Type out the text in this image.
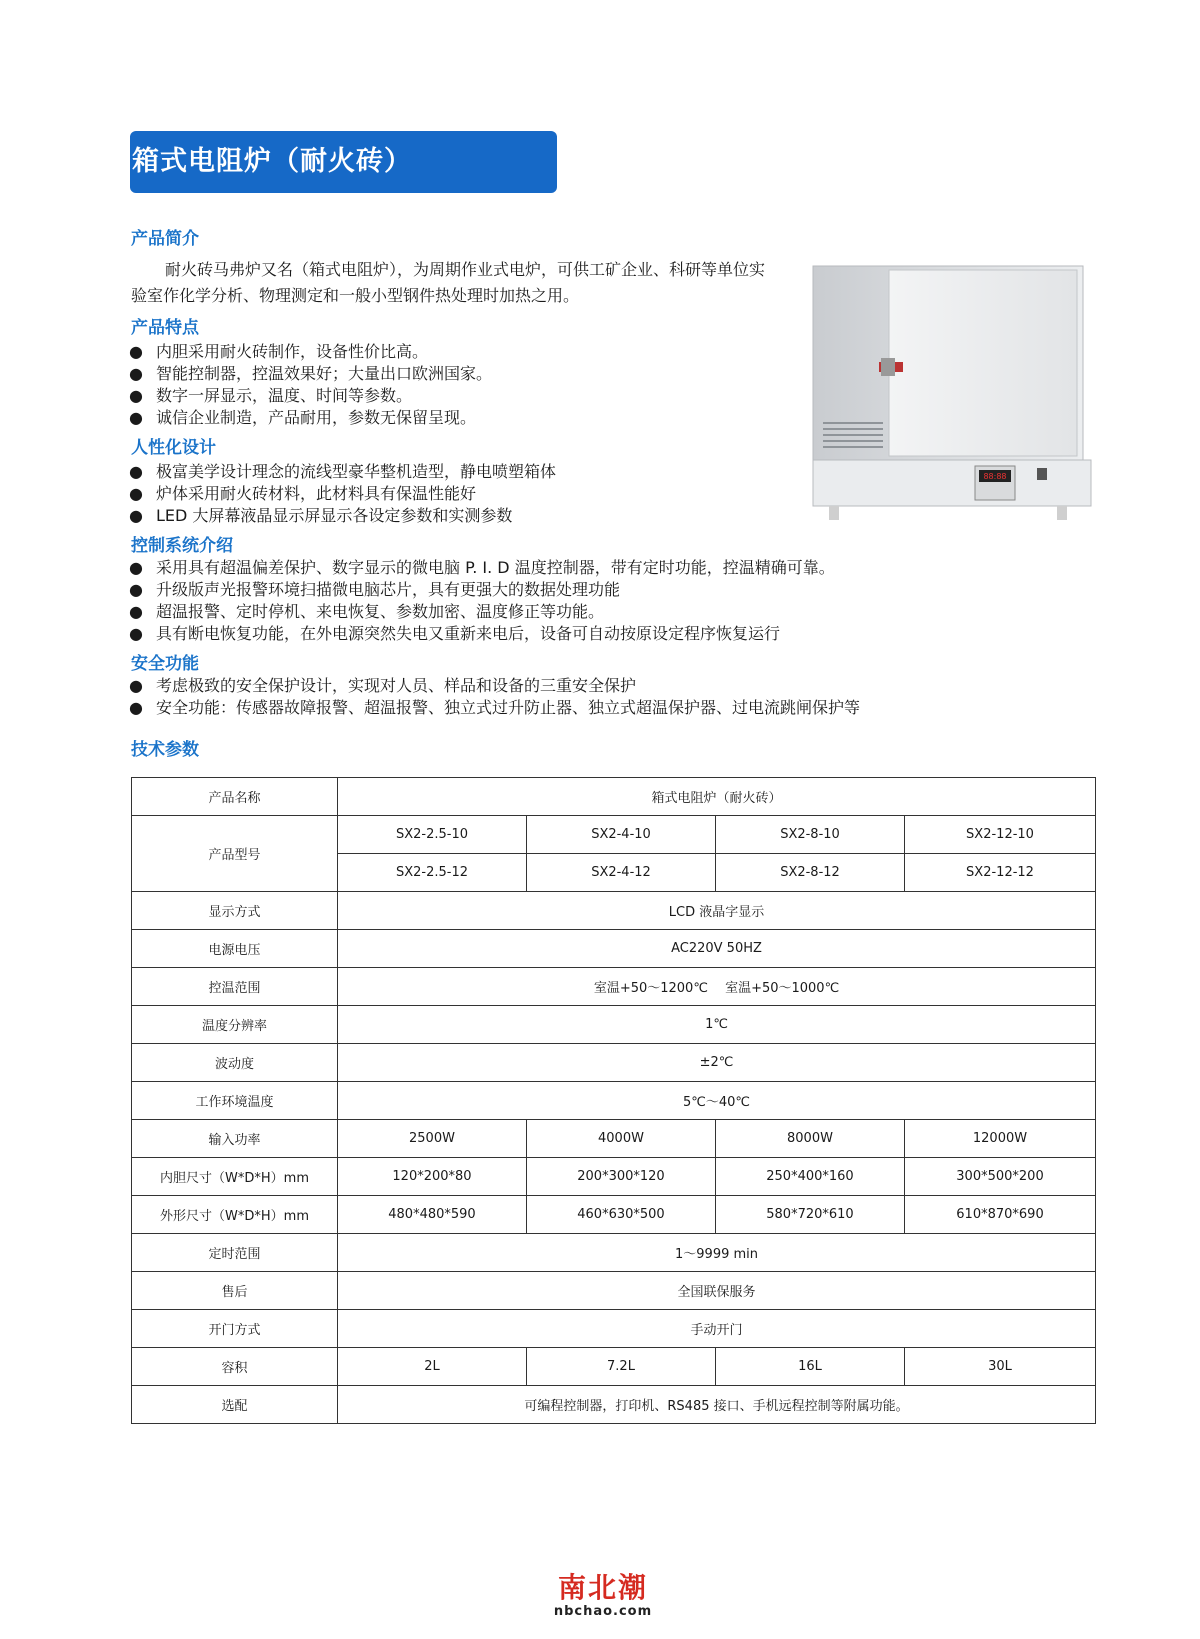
箱式电阻炉（耐火砖）
产品简介
耐火砖马弗炉又名（箱式电阻炉），为周期作业式电炉，可供工矿企业、科研等单位实验室作化学分析、物理测定和一般小型钢件热处理时加热之用。
产品特点
● 内胆采用耐火砖制作，设备性价比高。
● 智能控制器，控温效果好；大量出口欧洲国家。
● 数字一屏显示，温度、时间等参数。
● 诚信企业制造，产品耐用，参数无保留呈现。
人性化设计
● 极富美学设计理念的流线型豪华整机造型，静电喷塑箱体
● 炉体采用耐火砖材料，此材料具有保温性能好
● LED 大屏幕液晶显示屏显示各设定参数和实测参数
控制系统介绍
● 采用具有超温偏差保护、数字显示的微电脑 P. I. D 温度控制器，带有定时功能，控温精确可靠。
● 升级版声光报警环境扫描微电脑芯片，具有更强大的数据处理功能
● 超温报警、定时停机、来电恢复、参数加密、温度修正等功能。
● 具有断电恢复功能，在外电源突然失电又重新来电后，设备可自动按原设定程序恢复运行
安全功能
● 考虑极致的安全保护设计，实现对人员、样品和设备的三重安全保护
● 安全功能：传感器故障报警、超温报警、独立式过升防止器、独立式超温保护器、过电流跳闸保护等
技术参数
88:88
产品名称	箱式电阻炉（耐火砖）			
产品型号	SX2-2.5-10	SX2-4-10	SX2-8-10	SX2-12-10
	SX2-2.5-12	SX2-4-12	SX2-8-12	SX2-12-12
显示方式	LCD 液晶字显示			
电源电压	AC220V 50HZ			
控温范围	室温+50～1200℃　 室温+50～1000℃			
温度分辨率	1℃			
波动度	±2℃			
工作环境温度	5℃～40℃			
输入功率	2500W	4000W	8000W	12000W
内胆尺寸（W*D*H）mm	120*200*80	200*300*120	250*400*160	300*500*200
外形尺寸（W*D*H）mm	480*480*590	460*630*500	580*720*610	610*870*690
定时范围	1～9999 min			
售后	全国联保服务			
开门方式	手动开门			
容积	2L	7.2L	16L	30L
选配	可编程控制器，打印机、RS485 接口、手机远程控制等附属功能。			
南北潮
nbchao.com
